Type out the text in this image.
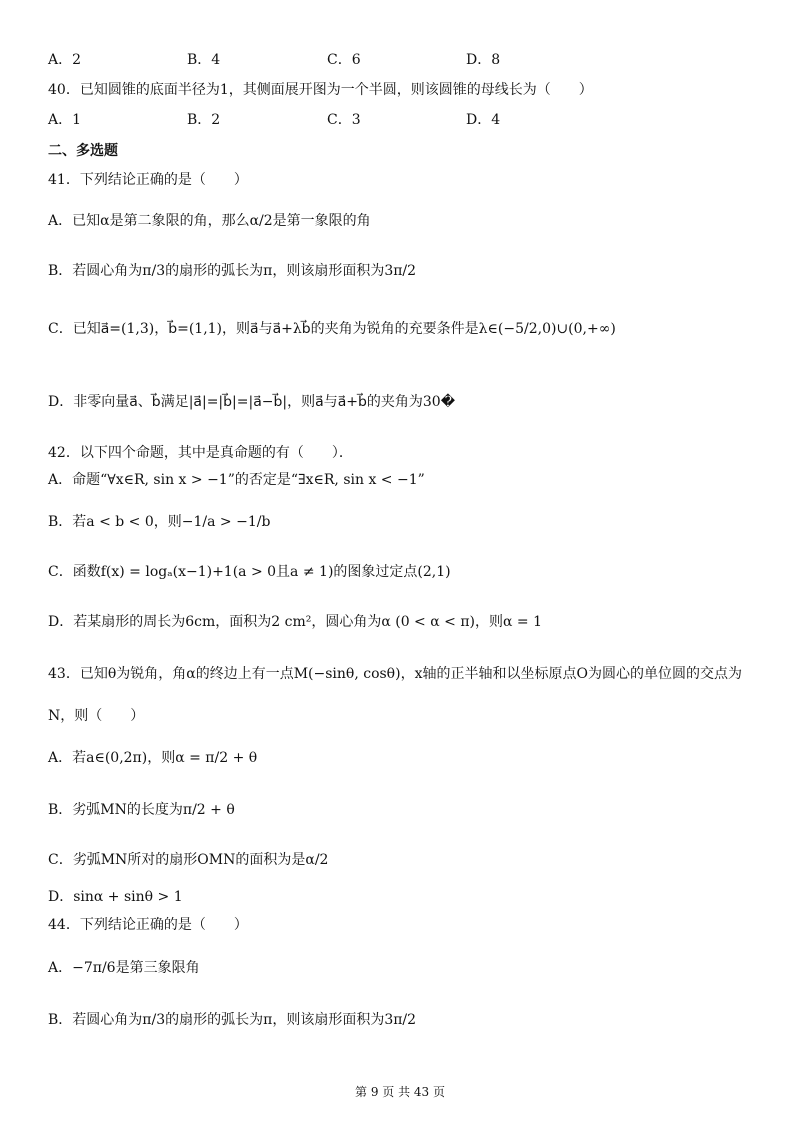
A．2	B．4	C．6	D．8
40．已知圆锥的底面半径为1，其侧面展开图为一个半圆，则该圆锥的母线长为（　　）
A．1	B．2	C．3	D．4
二、多选题
41．下列结论正确的是（　　）
A．已知α是第二象限的角，那么α/2是第一象限的角
B．若圆心角为π/3的扇形的弧长为π，则该扇形面积为3π/2
C．已知a⃗=(1,3)，b⃗=(1,1)，则a⃗与a⃗+λb⃗的夹角为锐角的充要条件是λ∈(−5/2,0)∪(0,+∞)
D．非零向量a⃗、b⃗满足|a⃗|=|b⃗|=|a⃗−b⃗|，则a⃗与a⃗+b⃗的夹角为30�
42．以下四个命题，其中是真命题的有（　　）．
A．命题“∀x∈R, sin x > −1”的否定是“∃x∈R, sin x < −1”
B．若a < b < 0，则−1/a > −1/b
C．函数f(x) = logₐ(x−1)+1(a > 0且a ≠ 1)的图象过定点(2,1)
D．若某扇形的周长为6cm，面积为2 cm²，圆心角为α (0 < α < π)，则α = 1
43．已知θ为锐角，角α的终边上有一点M(−sinθ, cosθ)，x轴的正半轴和以坐标原点O为圆心的单位圆的交点为
N，则（　　）
A．若a∈(0,2π)，则α = π/2 + θ
B．劣弧MN的长度为π/2 + θ
C．劣弧MN所对的扇形OMN的面积为是α/2
D．sinα + sinθ > 1
44．下列结论正确的是（　　）
A．−7π/6是第三象限角
B．若圆心角为π/3的扇形的弧长为π，则该扇形面积为3π/2
第 9 页 共 43 页
